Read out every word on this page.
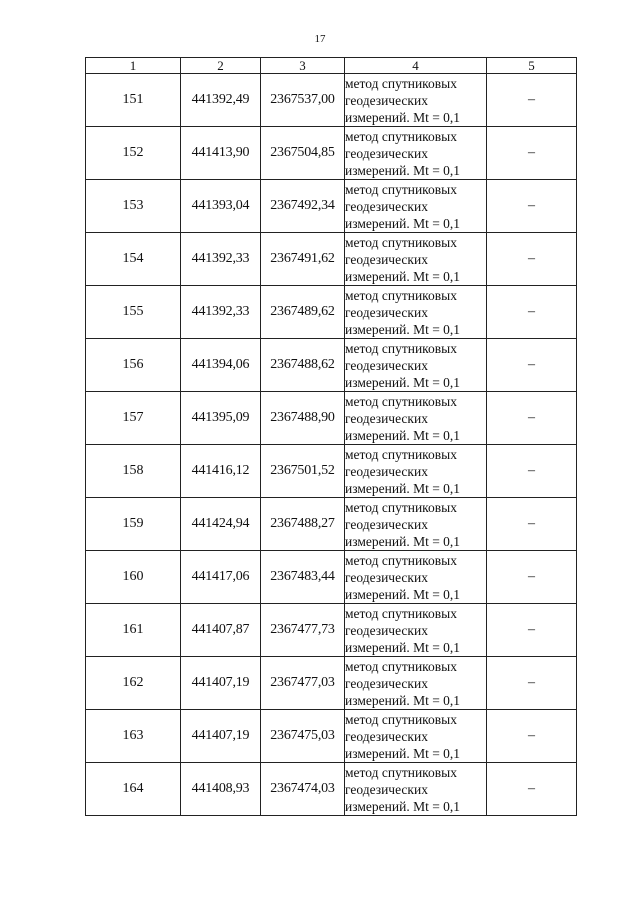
17
1	2	3	4	5
151	441392,49	2367537,00	метод спутниковых
геодезических
измерений. Mt = 0,1	–
152	441413,90	2367504,85	метод спутниковых
геодезических
измерений. Mt = 0,1	–
153	441393,04	2367492,34	метод спутниковых
геодезических
измерений. Mt = 0,1	–
154	441392,33	2367491,62	метод спутниковых
геодезических
измерений. Mt = 0,1	–
155	441392,33	2367489,62	метод спутниковых
геодезических
измерений. Mt = 0,1	–
156	441394,06	2367488,62	метод спутниковых
геодезических
измерений. Mt = 0,1	–
157	441395,09	2367488,90	метод спутниковых
геодезических
измерений. Mt = 0,1	–
158	441416,12	2367501,52	метод спутниковых
геодезических
измерений. Mt = 0,1	–
159	441424,94	2367488,27	метод спутниковых
геодезических
измерений. Mt = 0,1	–
160	441417,06	2367483,44	метод спутниковых
геодезических
измерений. Mt = 0,1	–
161	441407,87	2367477,73	метод спутниковых
геодезических
измерений. Mt = 0,1	–
162	441407,19	2367477,03	метод спутниковых
геодезических
измерений. Mt = 0,1	–
163	441407,19	2367475,03	метод спутниковых
геодезических
измерений. Mt = 0,1	–
164	441408,93	2367474,03	метод спутниковых
геодезических
измерений. Mt = 0,1	–
